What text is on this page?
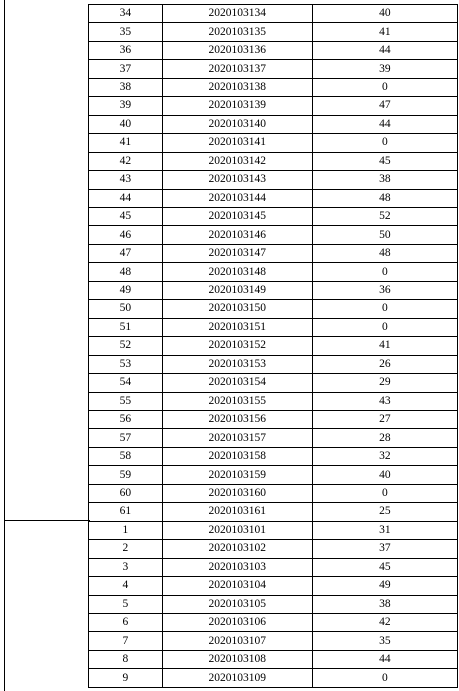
34	2020103134	40
35	2020103135	41
36	2020103136	44
37	2020103137	39
38	2020103138	0
39	2020103139	47
40	2020103140	44
41	2020103141	0
42	2020103142	45
43	2020103143	38
44	2020103144	48
45	2020103145	52
46	2020103146	50
47	2020103147	48
48	2020103148	0
49	2020103149	36
50	2020103150	0
51	2020103151	0
52	2020103152	41
53	2020103153	26
54	2020103154	29
55	2020103155	43
56	2020103156	27
57	2020103157	28
58	2020103158	32
59	2020103159	40
60	2020103160	0
61	2020103161	25
1	2020103101	31
2	2020103102	37
3	2020103103	45
4	2020103104	49
5	2020103105	38
6	2020103106	42
7	2020103107	35
8	2020103108	44
9	2020103109	0
